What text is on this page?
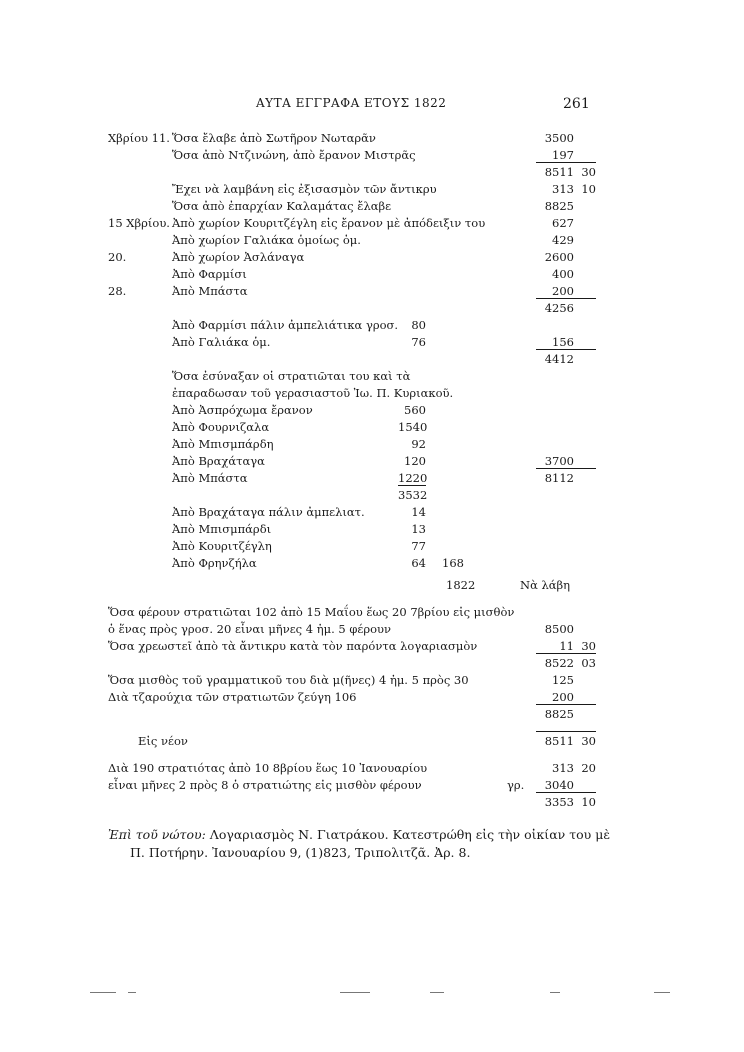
ΑΥΤΑ ΕΓΓΡΑΦΑ ΕΤΟΥΣ 1822	261
Χβρίου 11. Ὅσα ἔλαβε ἀπὸ Σωτῆρον Νωταρᾶν	3500
Ὅσα ἀπὸ Ντζινώνη, ἀπὸ ἔρανον Μιστρᾶς	197
8511 30
Ἔχει νὰ λαμβάνη εἰς ἐξισασμὸν τῶν ἄντικρυ	313 10
Ὅσα ἀπὸ ἐπαρχίαν Καλαμάτας ἔλαβε	8825
15 Χβρίου. Ἀπὸ χωρίον Κουριτζέγλη εἰς ἔρανον μὲ ἀπόδειξιν του	627
Ἀπὸ χωρίον Γαλιάκα ὁμοίως ὁμ.	429
20.	Ἀπὸ χωρίον Ἀσλάναγα	2600
Ἀπὸ Φαρμίσι	400
28.	Ἀπὸ Μπάστα	200
4256
Ἀπὸ Φαρμίσι πάλιν ἀμπελιάτικα γροσ.	80
Ἀπὸ Γαλιάκα ὁμ.	76	156
4412
Ὅσα ἐσύναξαν οἱ στρατιῶται του καὶ τὰ
ἐπαραδωσαν τοῦ γερασιαστοῦ Ἰω. Π. Κυριακοῦ.
Ἀπὸ Ἀσπρόχωμα ἔρανον	560
Ἀπὸ Φουρνιζαλα	1540
Ἀπὸ Μπισμπάρδη	92
Ἀπὸ Βραχάταγα	120	3700
Ἀπὸ Μπάστα	1220	8112
3532
Ἀπὸ Βραχάταγα πάλιν ἀμπελιατ.	14
Ἀπὸ Μπισμπάρδι	13
Ἀπὸ Κουριτζέγλη	77
Ἀπὸ Φρηνζήλα	64 168
1822	Νὰ λάβη
Ὅσα φέρουν στρατιῶται 102 ἀπὸ 15 Μαΐου ἕως 20 7βρίου εἰς μισθὸν
ὁ ἕνας πρὸς γροσ. 20 εἶναι μῆνες 4 ἡμ. 5 φέρουν	8500
Ὅσα χρεωστεῖ ἀπὸ τὰ ἄντικρυ κατὰ τὸν παρόντα λογαριασμὸν	11 30
8522 03
Ὅσα μισθὸς τοῦ γραμματικοῦ του διὰ μ(ῆνες) 4 ἡμ. 5 πρὸς 30	125
Διὰ τζαρούχια τῶν στρατιωτῶν ζεύγη 106	200
8825
Εἰς νέον	8511 30
Διὰ 190 στρατιότας ἀπὸ 10 8βρίου ἕως 10 Ἰανουαρίου	313 20
εἶναι μῆνες 2 πρὸς 8 ὁ στρατιώτης εἰς μισθὸν φέρουν	γρ.	3040
3353 10
Ἐπὶ τοῦ νώτου: Λογαριασμὸς Ν. Γιατράκου. Κατεστρώθη εἰς τὴν οἰκίαν του μὲ
Π. Ποτήρην. Ἰανουαρίου 9, (1)823, Τριπολιτζᾶ. Ἀρ. 8.
